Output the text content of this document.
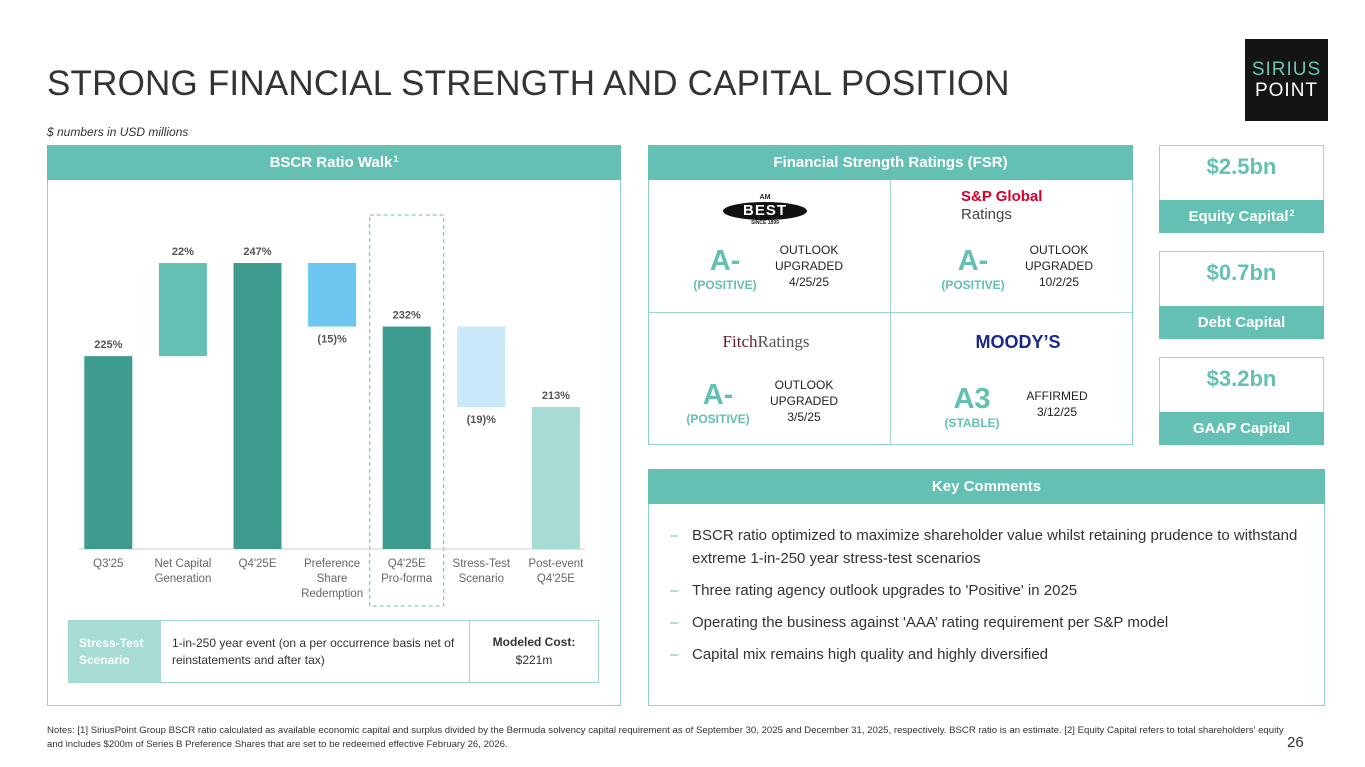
STRONG FINANCIAL STRENGTH AND CAPITAL POSITION
$ numbers in USD millions
SIRIUS
POINT
BSCR Ratio Walk$^1$
225%
Q3'25
22%
Net Capital
Generation
247%
Q4'25E
(15)%
Preference
Share
Redemption
232%
Q4'25E
Pro-forma
(19)%
Stress-Test
Scenario
213%
Post-event
Q4'25E
Stress-Test
Scenario
1-in-250 year event (on a per occurrence basis net of reinstatements and after tax)
Modeled Cost:
$221m
Financial Strength Ratings (FSR)
AM
BEST
SINCE 1899
A-
(POSITIVE)
OUTLOOK
UPGRADED
4/25/25
S&P Global
Ratings
A-
(POSITIVE)
OUTLOOK
UPGRADED
10/2/25
FitchRatings
A-
(POSITIVE)
OUTLOOK
UPGRADED
3/5/25
MOODY’S
A3
(STABLE)
AFFIRMED
3/12/25
$2.5bn
Equity Capital$^2$
$0.7bn
Debt Capital
$3.2bn
GAAP Capital
Key Comments
– BSCR ratio optimized to maximize shareholder value whilst retaining prudence to withstand extreme 1-in-250 year stress-test scenarios
– Three rating agency outlook upgrades to 'Positive' in 2025
– Operating the business against 'AAA’ rating requirement per S&P model
– Capital mix remains high quality and highly diversified
Notes: [1] SiriusPoint Group BSCR ratio calculated as available economic capital and surplus divided by the Bermuda solvency capital requirement as of September 30, 2025 and December 31, 2025, respectively. BSCR ratio is an estimate. [2] Equity Capital refers to total shareholders' equity and includes $200m of Series B Preference Shares that are set to be redeemed effective February 26, 2026.	26
